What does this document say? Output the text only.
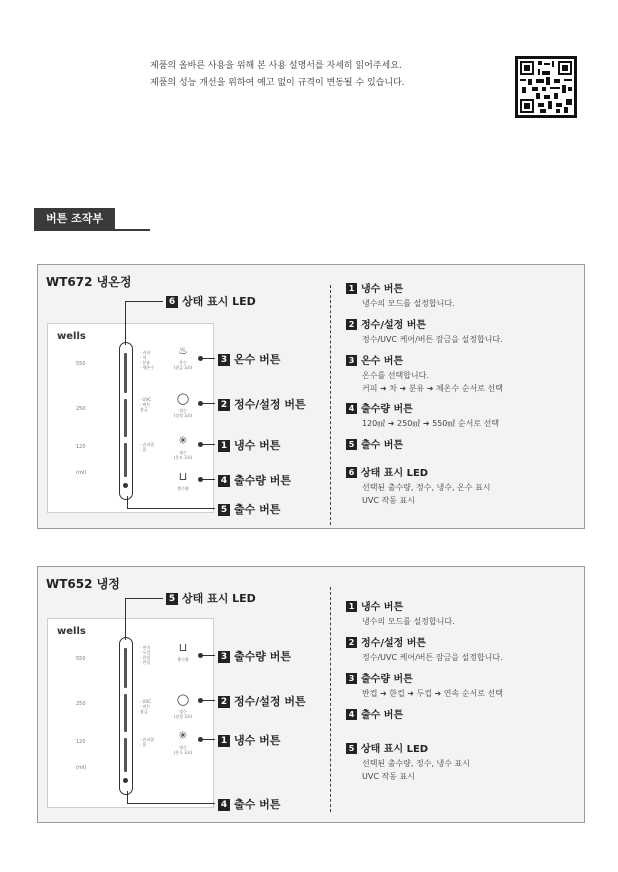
제품의 올바른 사용을 위해 본 사용 설명서를 자세히 읽어주세요.
제품의 성능 개선을 위하여 예고 없이 규격이 변동될 수 있습니다.
버튼 조작부
WT672 냉온정
wells
550
250
120
(ml)
· 커피
· 차
· 분유
· 체온수
· UVC
· 버튼
잠금
· 슈퍼쿨
· 쿨
♨
온수
(잠금 3초)
◯
정수
(설정 3초)
✳
냉수
(온도 3초)
⊔
출수량
6 상태 표시 LED
3 온수 버튼
2 정수/설정 버튼
1 냉수 버튼
4 출수량 버튼
5 출수 버튼
1 냉수 버튼
냉수의 모드를 설정합니다.
2 정수/설정 버튼
정수/UVC 케어/버튼 잠금을 설정합니다.
3 온수 버튼
온수를 선택합니다.
커피 ➜ 차 ➜ 분유 ➜ 체온수 순서로 선택
4 출수량 버튼
120㎖ ➜ 250㎖ ➜ 550㎖ 순서로 선택
5 출수 버튼
6 상태 표시 LED
선택된 출수량, 정수, 냉수, 온수 표시
UVC 작동 표시
WT652 냉정
wells
550
250
120
(ml)
· 연속
· 두컵
· 한컵
· 반컵
· UVC
· 버튼
잠금
· 슈퍼쿨
· 쿨
⊔
출수량
◯
정수
(설정 3초)
✳
냉수
(온도 3초)
5 상태 표시 LED
3 출수량 버튼
2 정수/설정 버튼
1 냉수 버튼
4 출수 버튼
1 냉수 버튼
냉수의 모드를 설정합니다.
2 정수/설정 버튼
정수/UVC 케어/버튼 잠금을 설정합니다.
3 출수량 버튼
반컵 ➜ 한컵 ➜ 두컵 ➜ 연속 순서로 선택
4 출수 버튼
5 상태 표시 LED
선택된 출수량, 정수, 냉수 표시
UVC 작동 표시
